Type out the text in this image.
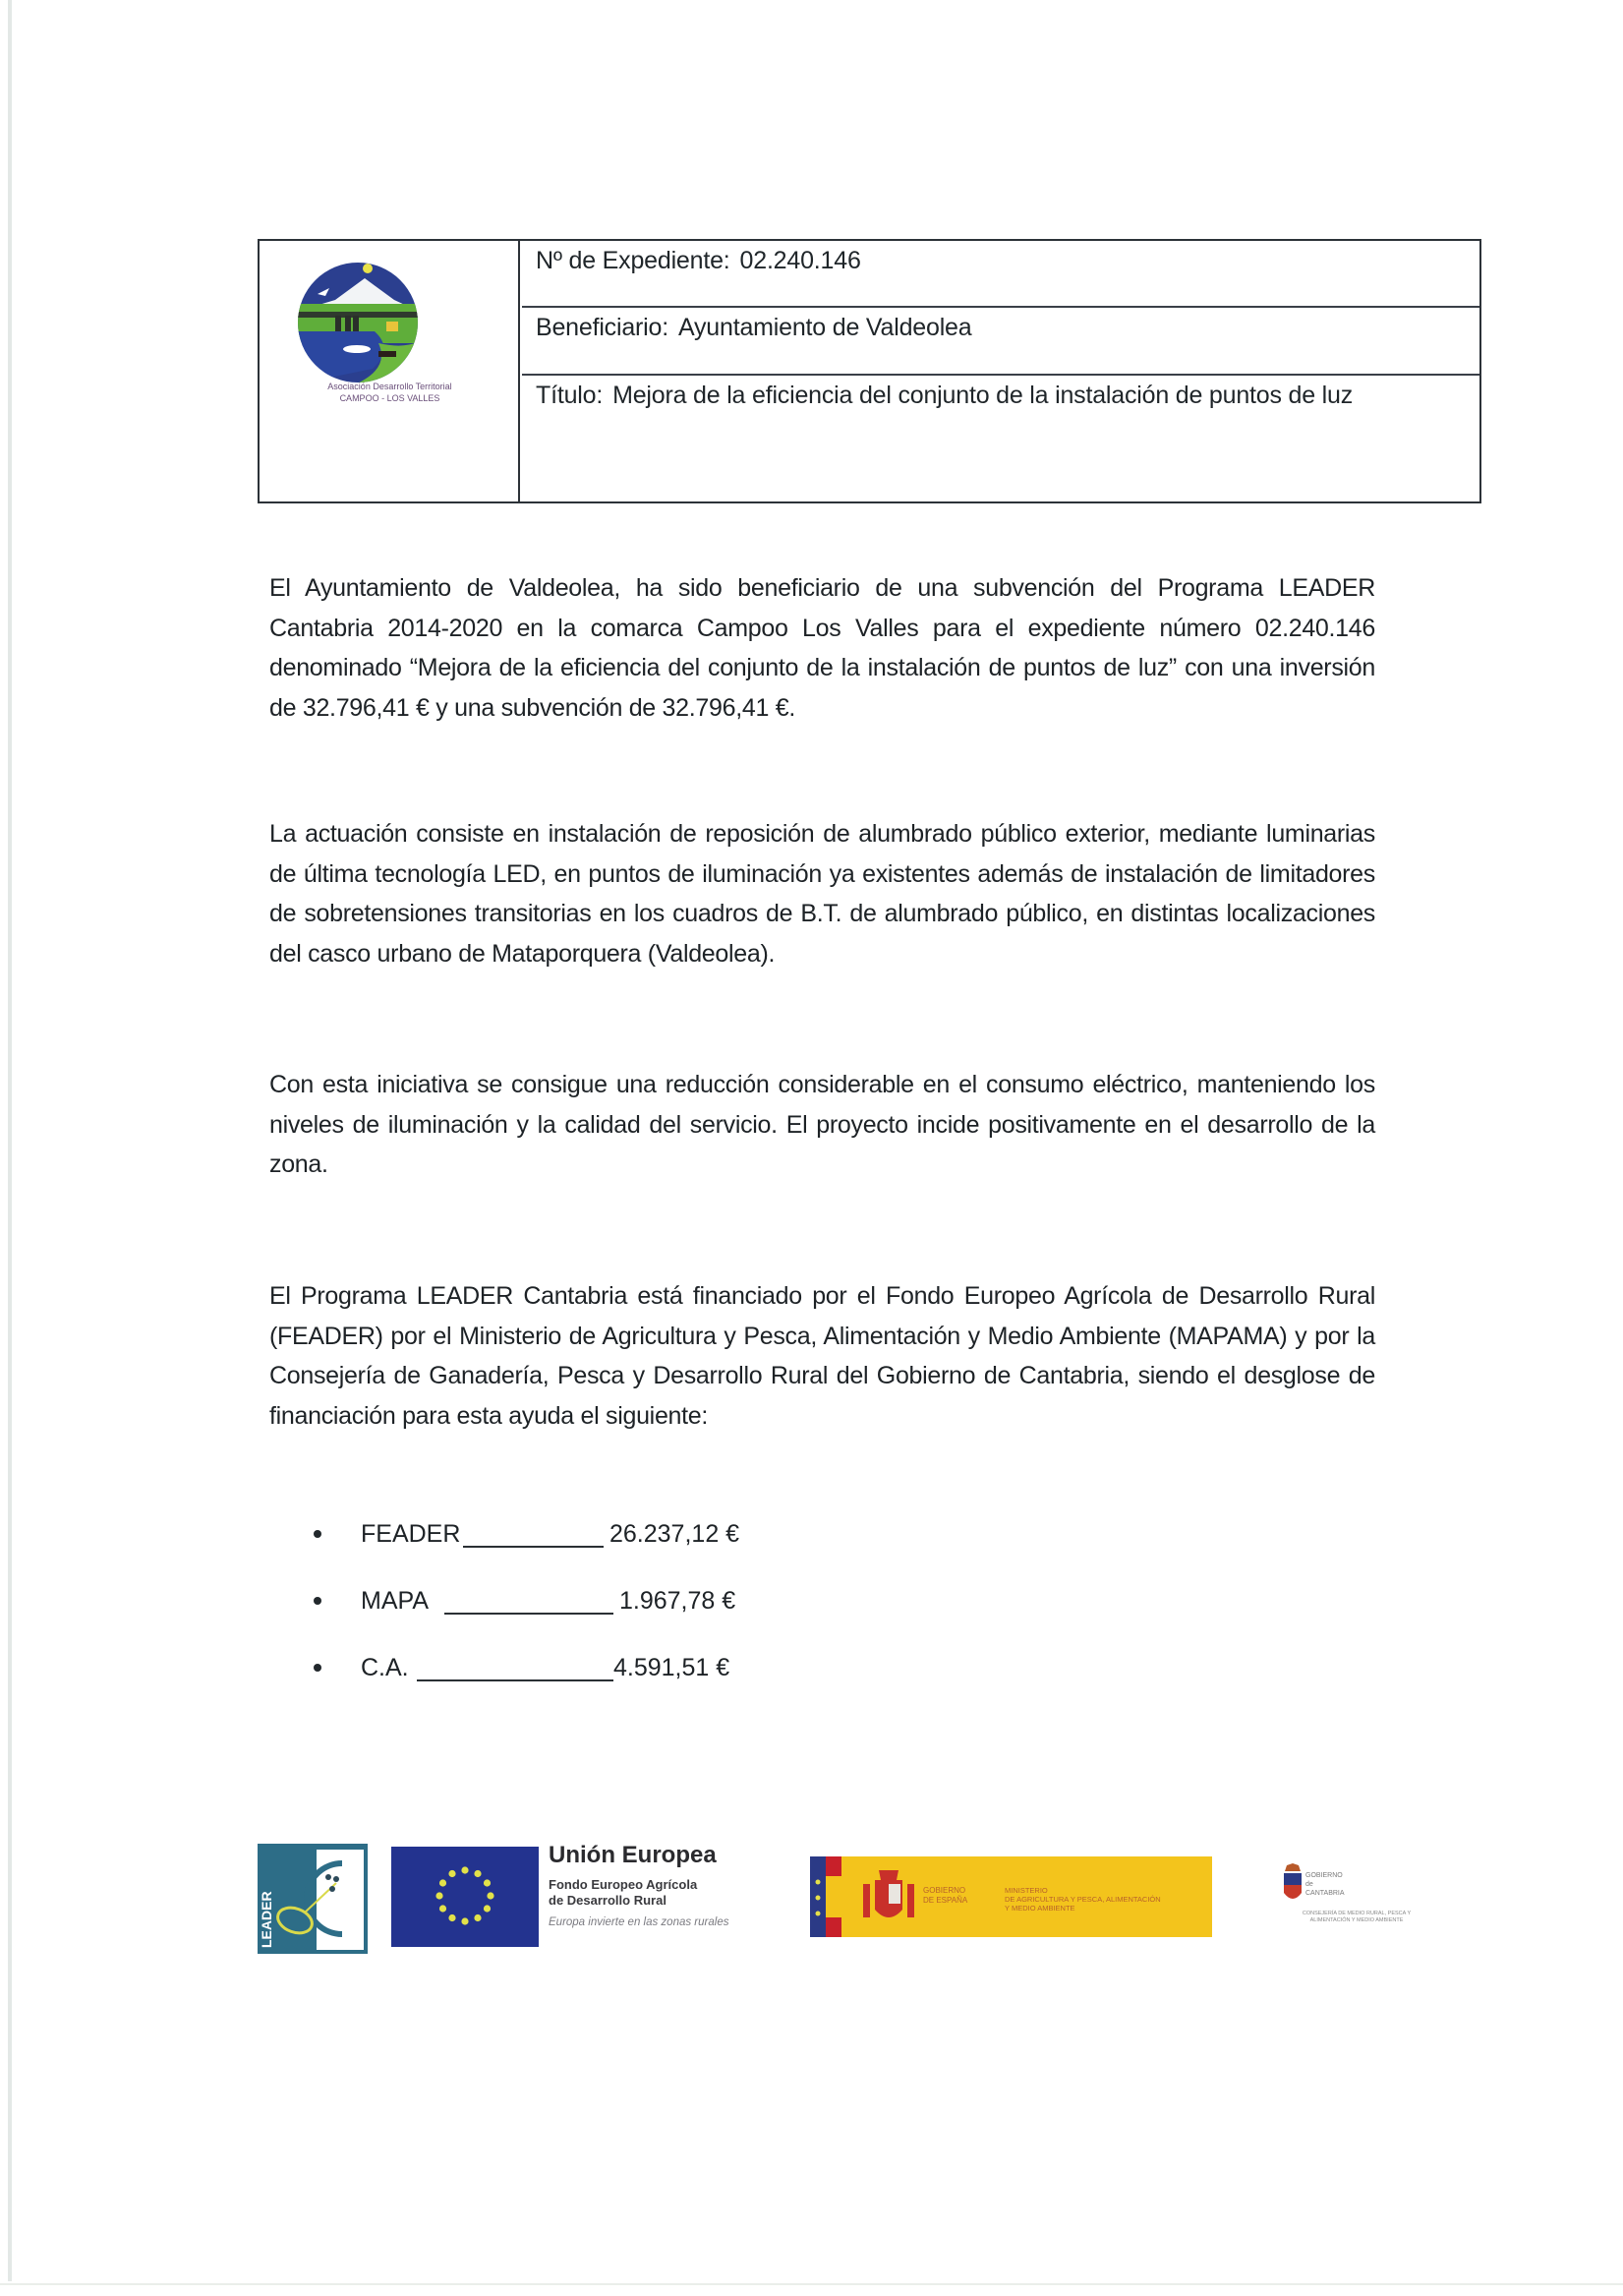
Asociación Desarrollo Territorial
CAMPOO - LOS VALLES
Nº de Expediente: 02.240.146
Beneficiario: Ayuntamiento de Valdeolea
Título: Mejora de la eficiencia del conjunto de la instalación de puntos de luz

El Ayuntamiento de Valdeolea, ha sido beneficiario de una subvención del Programa LEADER Cantabria 2014-2020 en la comarca Campoo Los Valles para el expediente número 02.240.146 denominado “Mejora de la eficiencia del conjunto de la instalación de puntos de luz” con una inversión de 32.796,41 € y una subvención de 32.796,41 €.

La actuación consiste en instalación de reposición de alumbrado público exterior, mediante luminarias de última tecnología LED, en puntos de iluminación ya existentes además de instalación de limitadores de sobretensiones transitorias en los cuadros de B.T. de alumbrado público, en distintas localizaciones del casco urbano de Mataporquera (Valdeolea).

Con esta iniciativa se consigue una reducción considerable en el consumo eléctrico, manteniendo los niveles de iluminación y la calidad del servicio. El proyecto incide positivamente en el desarrollo de la zona.

El Programa LEADER Cantabria está financiado por el Fondo Europeo Agrícola de Desarrollo Rural (FEADER) por el Ministerio de Agricultura y Pesca, Alimentación y Medio Ambiente (MAPAMA) y por la Consejería de Ganadería, Pesca y Desarrollo Rural del Gobierno de Cantabria, siendo el desglose de financiación para esta ayuda el siguiente:

FEADER	26.237,12 €
MAPA	1.967,78 €
C.A.	4.591,51 €
LEADER
Unión Europea
Fondo Europeo Agrícola
de Desarrollo Rural
Europa invierte en las zonas rurales
GOBIERNO
DE ESPAÑA
MINISTERIO
DE AGRICULTURA Y PESCA, ALIMENTACIÓN
Y MEDIO AMBIENTE
GOBIERNO
de
CANTABRIA
CONSEJERÍA DE MEDIO RURAL, PESCA Y
ALIMENTACIÓN Y MEDIO AMBIENTE
